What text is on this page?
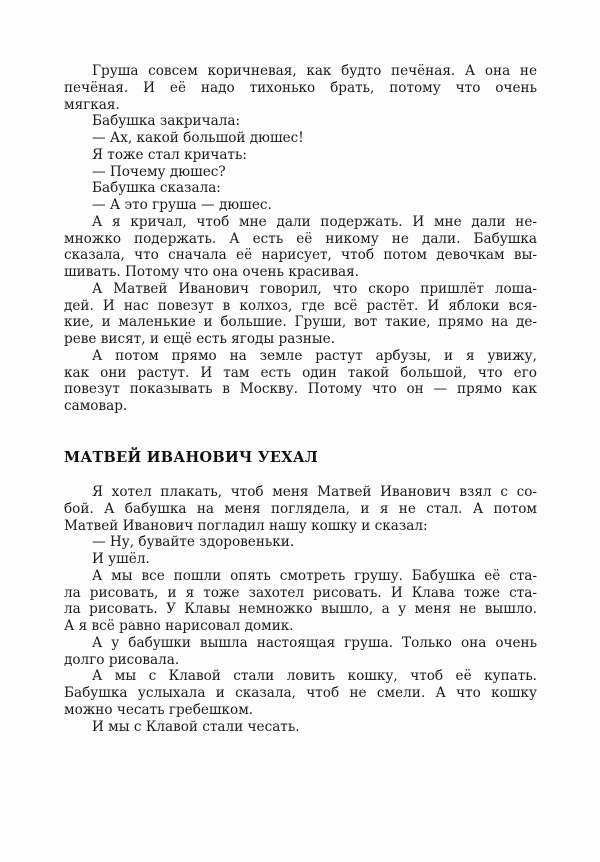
Груша совсем коричневая, как будто печёная. А она не
печёная. И её надо тихонько брать, потому что очень
мягкая.
Бабушка закричала:
— Ах, какой большой дюшес!
Я тоже стал кричать:
— Почему дюшес?
Бабушка сказала:
— А это груша — дюшес.
А я кричал, чтоб мне дали подержать. И мне дали не-
множко подержать. А есть её никому не дали. Бабушка
сказала, что сначала её нарисует, чтоб потом девочкам вы-
шивать. Потому что она очень красивая.
А Матвей Иванович говорил, что скоро пришлёт лоша-
дей. И нас повезут в колхоз, где всё растёт. И яблоки вся-
кие, и маленькие и большие. Груши, вот такие, прямо на де-
реве висят, и ещё есть ягоды разные.
А потом прямо на земле растут арбузы, и я увижу,
как они растут. И там есть один такой большой, что его
повезут показывать в Москву. Потому что он — прямо как
самовар.
МАТВЕЙ ИВАНОВИЧ УЕХАЛ
Я хотел плакать, чтоб меня Матвей Иванович взял с со-
бой. А бабушка на меня поглядела, и я не стал. А потом
Матвей Иванович погладил нашу кошку и сказал:
— Ну, бувайте здоровеньки.
И ушёл.
А мы все пошли опять смотреть грушу. Бабушка её ста-
ла рисовать, и я тоже захотел рисовать. И Клава тоже ста-
ла рисовать. У Клавы немножко вышло, а у меня не вышло.
А я всё равно нарисовал домик.
А у бабушки вышла настоящая груша. Только она очень
долго рисовала.
А мы с Клавой стали ловить кошку, чтоб её купать.
Бабушка услыхала и сказала, чтоб не смели. А что кошку
можно чесать гребешком.
И мы с Клавой стали чесать.
